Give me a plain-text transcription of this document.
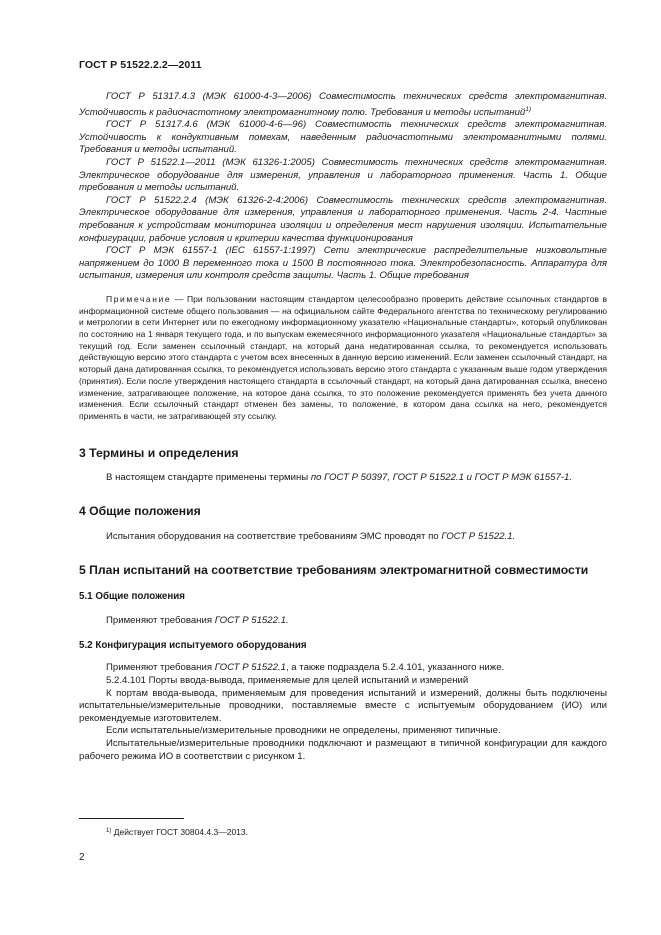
ГОСТ Р 51522.2.2—2011

ГОСТ Р 51317.4.3 (МЭК 61000-4-3—2006) Совместимость технических средств электромагнитная. Устойчивость к радиочастотному электромагнитному полю. Требования и методы испытаний$^{1)}$

ГОСТ Р 51317.4.6 (МЭК 61000-4-6—96) Совместимость технических средств электромагнитная. Устойчивость к кондуктивным помехам, наведенным радиочастотными электромагнитными полями. Требования и методы испытаний.

ГОСТ Р 51522.1—2011 (МЭК 61326-1:2005) Совместимость технических средств электромагнитная. Электрическое оборудование для измерения, управления и лабораторного применения. Часть 1. Общие требования и методы испытаний.

ГОСТ Р 51522.2.4 (МЭК 61326-2-4:2006) Совместимость технических средств электромагнитная. Электрическое оборудование для измерения, управления и лабораторного применения. Часть 2-4. Частные требования к устройствам мониторинга изоляции и определения мест нарушения изоляции. Испытательные конфигурации, рабочие условия и критерии качества функционирования

ГОСТ Р МЭК 61557-1 (IEC 61557-1:1997) Сети электрические распределительные низковольтные напряжением до 1000 В переменного тока и 1500 В постоянного тока. Электробезопасность. Аппаратура для испытания, измерения или контроля средств защиты. Часть 1. Общие требования

Примечание — При пользовании настоящим стандартом целесообразно проверить действие ссылочных стандартов в информационной системе общего пользования — на официальном сайте Федерального агентства по техническому регулированию и метрологии в сети Интернет или по ежегодному информационному указателю «Национальные стандарты», который опубликован по состоянию на 1 января текущего года, и по выпускам ежемесячного информационного указателя «Национальные стандарты» за текущий год. Если заменен ссылочный стандарт, на который дана недатированная ссылка, то рекомендуется использовать действующую версию этого стандарта с учетом всех внесенных в данную версию изменений. Если заменен ссылочный стандарт, на который дана датированная ссылка, то рекомендуется использовать версию этого стандарта с указанным выше годом утверждения (принятия). Если после утверждения настоящего стандарта в ссылочный стандарт, на который дана датированная ссылка, внесено изменение, затрагивающее положение, на которое дана ссылка, то это положение рекомендуется применять без учета данного изменения. Если ссылочный стандарт отменен без замены, то положение, в котором дана ссылка на него, рекомендуется применять в части, не затрагивающей эту ссылку.

3 Термины и определения

В настоящем стандарте применены термины по ГОСТ Р 50397, ГОСТ Р 51522.1 и ГОСТ Р МЭК 61557-1.

4 Общие положения

Испытания оборудования на соответствие требованиям ЭМС проводят по ГОСТ Р 51522.1.

5 План испытаний на соответствие требованиям электромагнитной совместимости
5.1 Общие положения

Применяют требования ГОСТ Р 51522.1.

5.2 Конфигурация испытуемого оборудования

Применяют требования ГОСТ Р 51522.1, а также подраздела 5.2.4.101, указанного ниже.

5.2.4.101 Порты ввода-вывода, применяемые для целей испытаний и измерений

К портам ввода-вывода, применяемым для проведения испытаний и измерений, должны быть подключены испытательные/измерительные проводники, поставляемые вместе с испытуемым оборудованием (ИО) или рекомендуемые изготовителем.

Если испытательные/измерительные проводники не определены, применяют типичные.

Испытательные/измерительные проводники подключают и размещают в типичной конфигурации для каждого рабочего режима ИО в соответствии с рисунком 1.

$^{1)}$ Действует ГОСТ 30804.4.3—2013.
2
